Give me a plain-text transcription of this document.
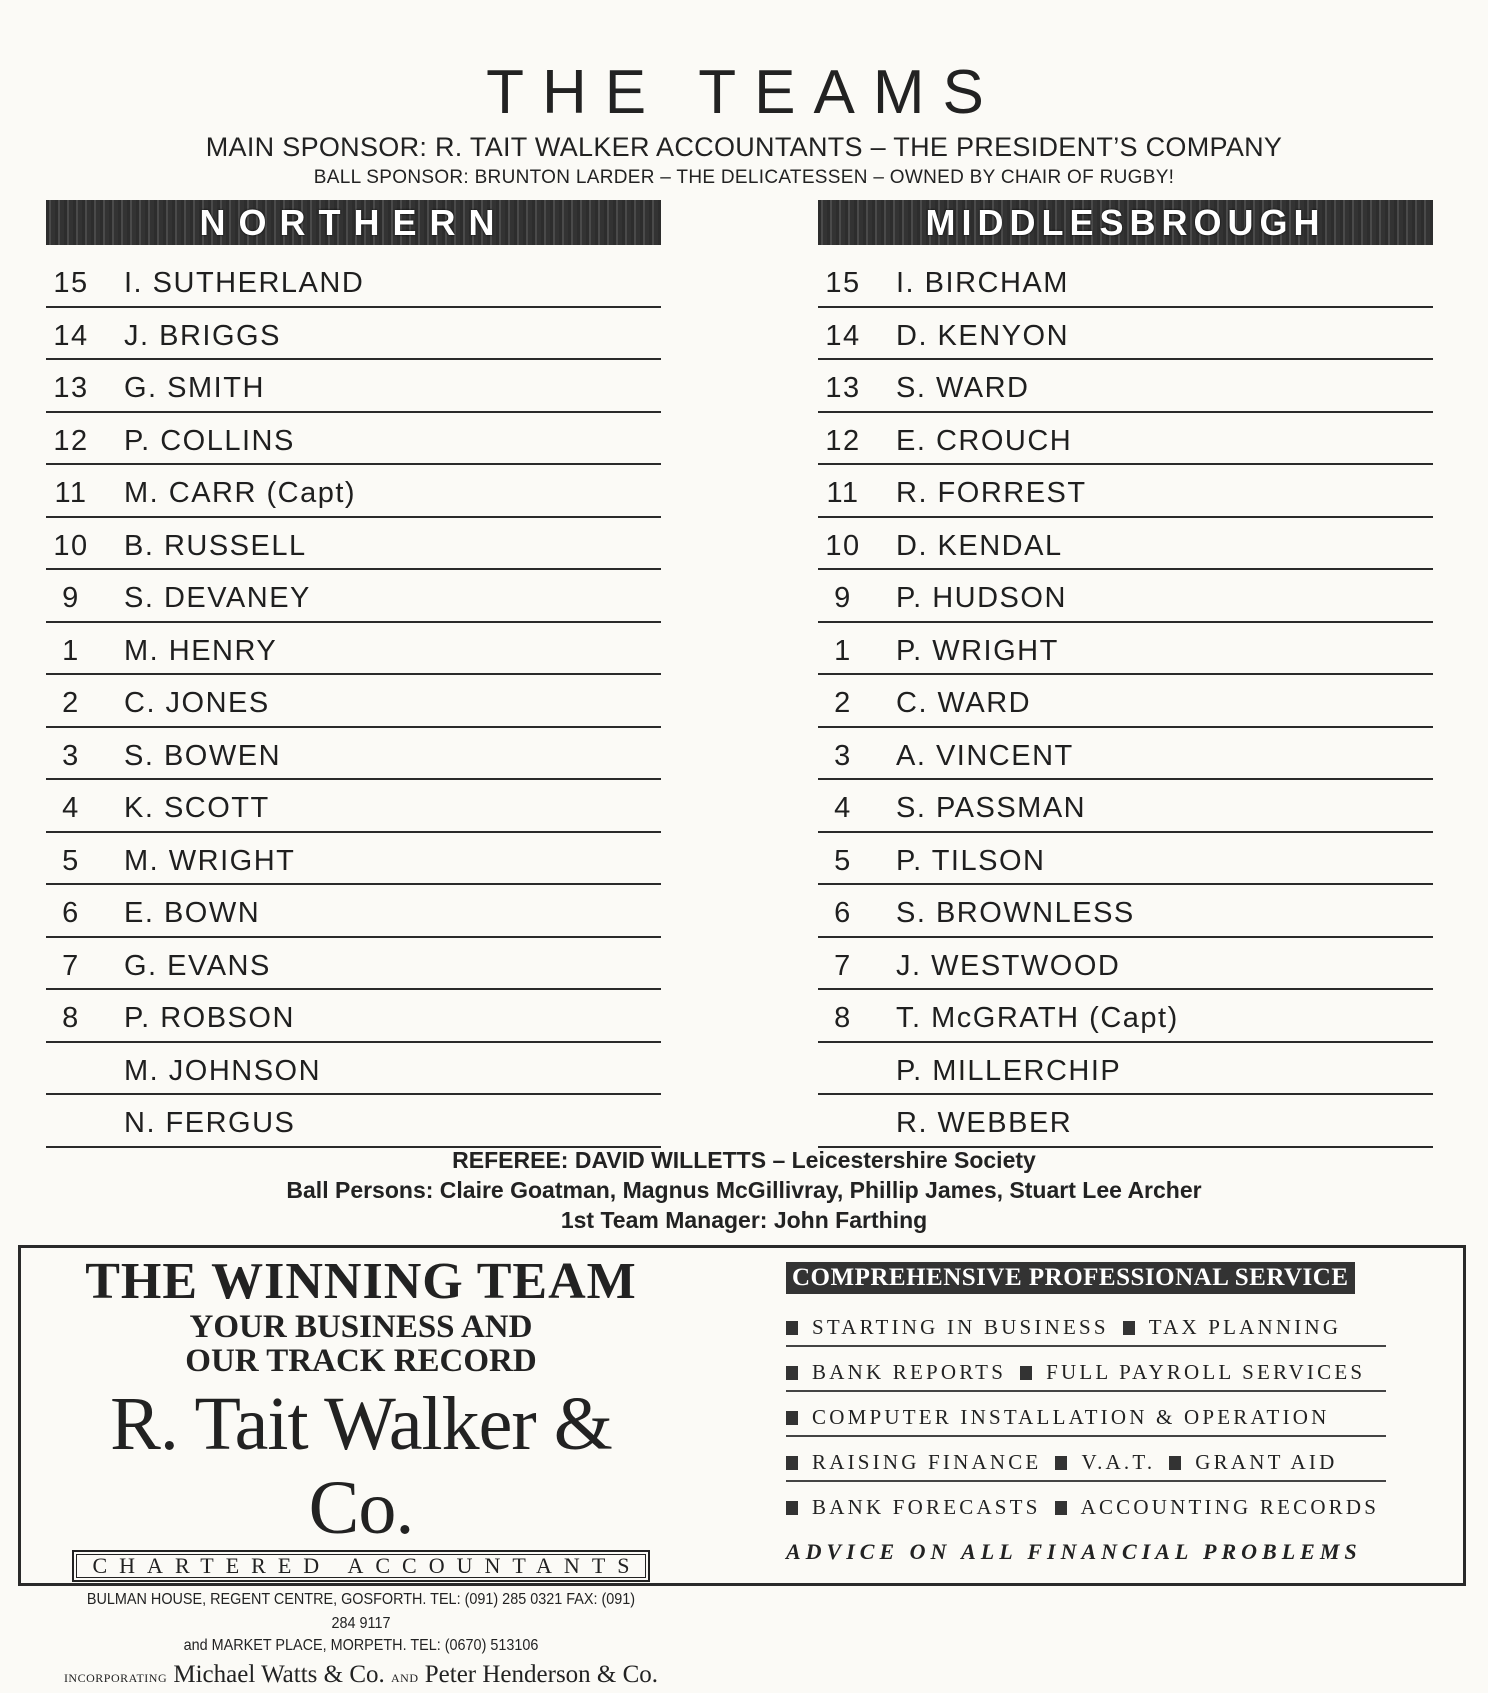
THE TEAMS
MAIN SPONSOR: R. TAIT WALKER ACCOUNTANTS – THE PRESIDENT’S COMPANY
BALL SPONSOR: BRUNTON LARDER – THE DELICATESSEN – OWNED BY CHAIR OF RUGBY!
NORTHERN
15 I. SUTHERLAND
14 J. BRIGGS
13 G. SMITH
12 P. COLLINS
11 M. CARR (Capt)
10 B. RUSSELL
9	S. DEVANEY
1	M. HENRY
2	C. JONES
3	S. BOWEN
4	K. SCOTT
5	M. WRIGHT
6	E. BOWN
7	G. EVANS
8	P. ROBSON
M. JOHNSON
N. FERGUS
MIDDLESBROUGH
15 I. BIRCHAM
14 D. KENYON
13 S. WARD
12 E. CROUCH
11 R. FORREST
10 D. KENDAL
9	P. HUDSON
1	P. WRIGHT
2	C. WARD
3	A. VINCENT
4	S. PASSMAN
5	P. TILSON
6	S. BROWNLESS
7	J. WESTWOOD
8	T. McGRATH (Capt)
P. MILLERCHIP
R. WEBBER
REFEREE: DAVID WILLETTS – Leicestershire Society
Ball Persons: Claire Goatman, Magnus McGillivray, Phillip James, Stuart Lee Archer
1st Team Manager: John Farthing
THE WINNING TEAM
YOUR BUSINESS AND
OUR TRACK RECORD
R. Tait Walker & Co.
CHARTERED ACCOUNTANTS
BULMAN HOUSE, REGENT CENTRE, GOSFORTH. TEL: (091) 285 0321 FAX: (091) 284 9117
and MARKET PLACE, MORPETH. TEL: (0670) 513106
INCORPORATING Michael Watts & Co. AND Peter Henderson & Co.
COMPREHENSIVE PROFESSIONAL SERVICE
STARTING IN BUSINESS TAX PLANNING
BANK REPORTS FULL PAYROLL SERVICES
COMPUTER INSTALLATION & OPERATION
RAISING FINANCE V.A.T. GRANT AID
BANK FORECASTS ACCOUNTING RECORDS
ADVICE ON ALL FINANCIAL PROBLEMS
